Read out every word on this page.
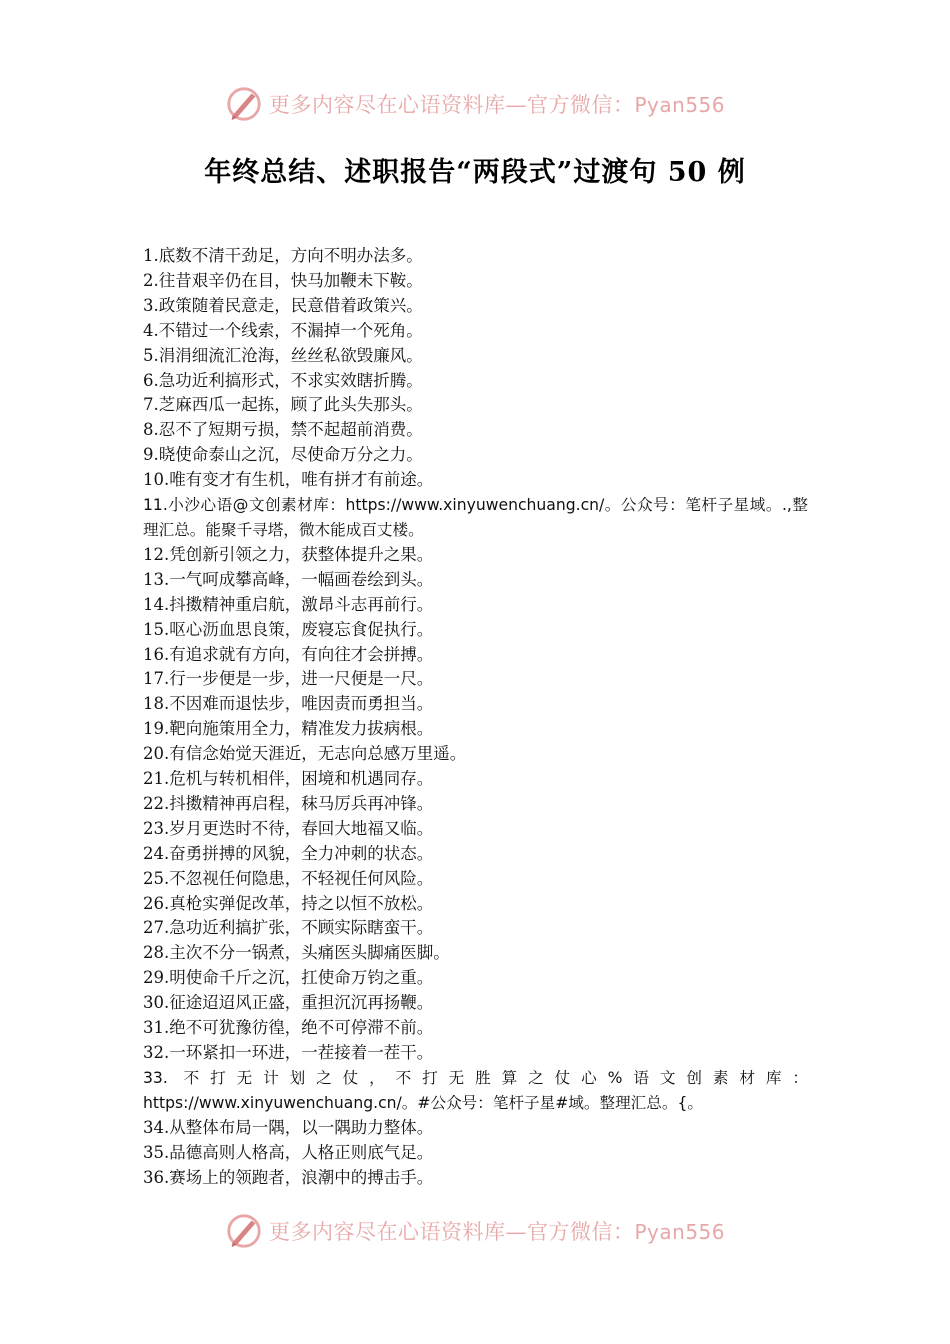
更多内容尽在心语资料库—官方微信：Pyan556
年终总结、述职报告“两段式”过渡句 50 例
1.底数不清干劲足，方向不明办法多。
2.往昔艰辛仍在目，快马加鞭未下鞍。
3.政策随着民意走，民意借着政策兴。
4.不错过一个线索，不漏掉一个死角。
5.涓涓细流汇沧海，丝丝私欲毁廉风。
6.急功近利搞形式，不求实效瞎折腾。
7.芝麻西瓜一起拣，顾了此头失那头。
8.忍不了短期亏损，禁不起超前消费。
9.晓使命泰山之沉，尽使命万分之力。
10.唯有变才有生机，唯有拼才有前途。
11.小沙心语@文创素材库：https://www.xinyuwenchuang.cn/。公众号：笔杆子星域。.,整理汇总。能聚千寻塔，微木能成百丈楼。
12.凭创新引领之力，获整体提升之果。
13.一气呵成攀高峰，一幅画卷绘到头。
14.抖擞精神重启航，激昂斗志再前行。
15.呕心沥血思良策，废寝忘食促执行。
16.有追求就有方向，有向往才会拼搏。
17.行一步便是一步，进一尺便是一尺。
18.不因难而退怯步，唯因责而勇担当。
19.靶向施策用全力，精准发力拔病根。
20.有信念始觉天涯近，无志向总感万里遥。
21.危机与转机相伴，困境和机遇同存。
22.抖擞精神再启程，秣马厉兵再冲锋。
23.岁月更迭时不待，春回大地福又临。
24.奋勇拼搏的风貌，全力冲刺的状态。
25.不忽视任何隐患，不轻视任何风险。
26.真枪实弹促改革，持之以恒不放松。
27.急功近利搞扩张，不顾实际瞎蛮干。
28.主次不分一锅煮，头痛医头脚痛医脚。
29.明使命千斤之沉，扛使命万钧之重。
30.征途迢迢风正盛，重担沉沉再扬鞭。
31.绝不可犹豫彷徨，绝不可停滞不前。
32.一环紧扣一环进，一茬接着一茬干。
33. 不打无计划之仗，不打无胜算之仗心%语文创素材库：https://www.xinyuwenchuang.cn/。#公众号：笔杆子星#域。整理汇总。{。
34.从整体布局一隅，以一隅助力整体。
35.品德高则人格高，人格正则底气足。
36.赛场上的领跑者，浪潮中的搏击手。
更多内容尽在心语资料库—官方微信：Pyan556
